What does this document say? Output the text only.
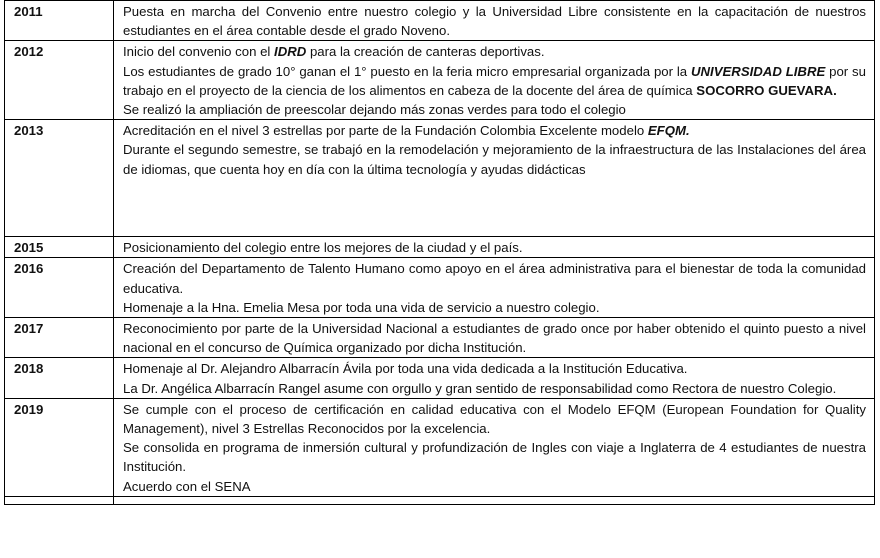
2011	Puesta en marcha del Convenio entre nuestro colegio y la Universidad Libre consistente en la capacitación de nuestros estudiantes en el área contable desde el grado Noveno.

2012	Inicio del convenio con el IDRD para la creación de canteras deportivas.
Los estudiantes de grado 10° ganan el 1° puesto en la feria micro empresarial organizada por la UNIVERSIDAD LIBRE por su trabajo en el proyecto de la ciencia de los alimentos en cabeza de la docente del área de química SOCORRO GUEVARA.
Se realizó la ampliación de preescolar dejando más zonas verdes para todo el colegio

2013	Acreditación en el nivel 3 estrellas por parte de la Fundación Colombia Excelente modelo EFQM.
Durante el segundo semestre, se trabajó en la remodelación y mejoramiento de la infraestructura de las Instalaciones del área de idiomas, que cuenta hoy en día con la última tecnología y ayudas didácticas

2015	Posicionamiento del colegio entre los mejores de la ciudad y el país.

2016	Creación del Departamento de Talento Humano como apoyo en el área administrativa para el bienestar de toda la comunidad educativa.
Homenaje a la Hna. Emelia Mesa por toda una vida de servicio a nuestro colegio.

2017	Reconocimiento por parte de la Universidad Nacional a estudiantes de grado once por haber obtenido el quinto puesto a nivel nacional en el concurso de Química organizado por dicha Institución.

2018	Homenaje al Dr. Alejandro Albarracín Ávila por toda una vida dedicada a la Institución Educativa.
La Dr. Angélica Albarracín Rangel asume con orgullo y gran sentido de responsabilidad como Rectora de nuestro Colegio.

2019	Se cumple con el proceso de certificación en calidad educativa con el Modelo EFQM (European Foundation for Quality Management), nivel 3 Estrellas Reconocidos por la excelencia.
Se consolida en programa de inmersión cultural y profundización de Ingles con viaje a Inglaterra de 4 estudiantes de nuestra Institución.
Acuerdo con el SENA
